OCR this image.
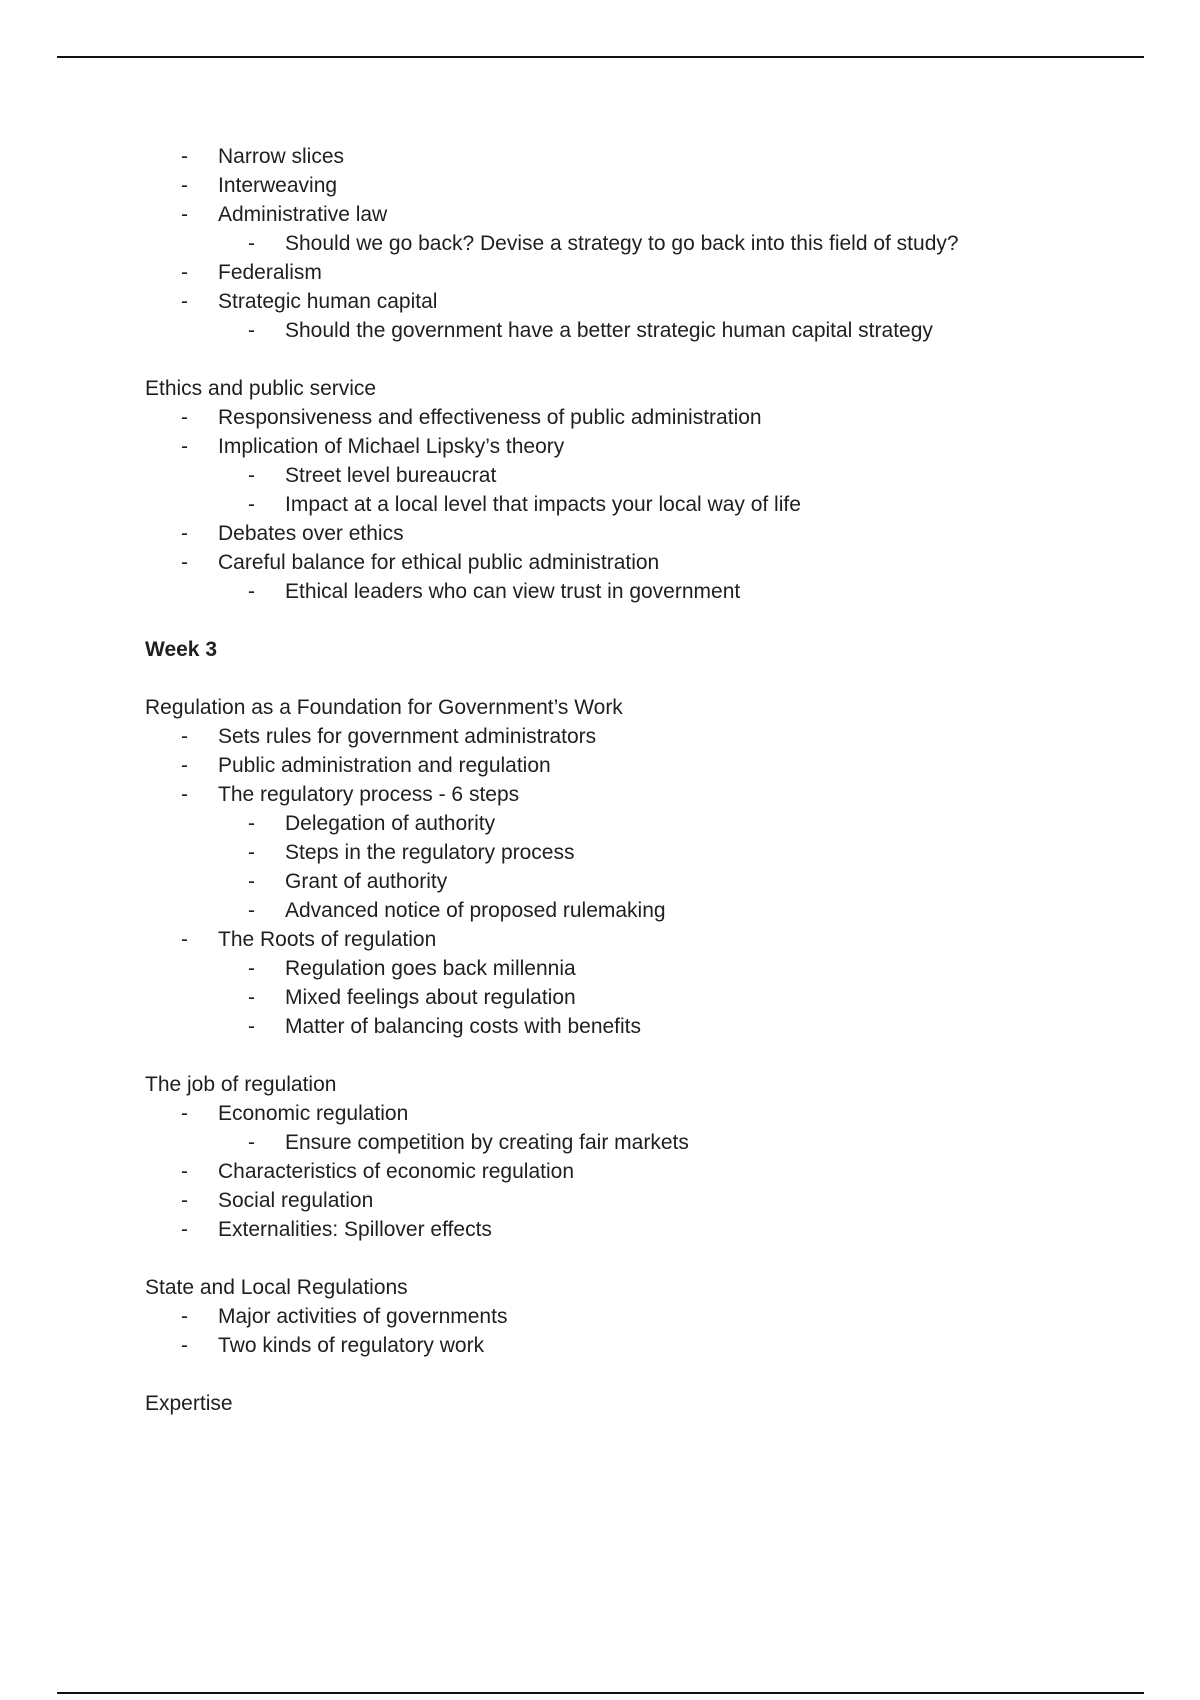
- Narrow slices
- Interweaving
- Administrative law
- Should we go back? Devise a strategy to go back into this field of study?
- Federalism
- Strategic human capital
- Should the government have a better strategic human capital strategy
Ethics and public service
- Responsiveness and effectiveness of public administration
- Implication of Michael Lipsky’s theory
- Street level bureaucrat
- Impact at a local level that impacts your local way of life
- Debates over ethics
- Careful balance for ethical public administration
- Ethical leaders who can view trust in government
Week 3
Regulation as a Foundation for Government’s Work
- Sets rules for government administrators
- Public administration and regulation
- The regulatory process - 6 steps
- Delegation of authority
- Steps in the regulatory process
- Grant of authority
- Advanced notice of proposed rulemaking
- The Roots of regulation
- Regulation goes back millennia
- Mixed feelings about regulation
- Matter of balancing costs with benefits
The job of regulation
- Economic regulation
- Ensure competition by creating fair markets
- Characteristics of economic regulation
- Social regulation
- Externalities: Spillover effects
State and Local Regulations
- Major activities of governments
- Two kinds of regulatory work
Expertise
